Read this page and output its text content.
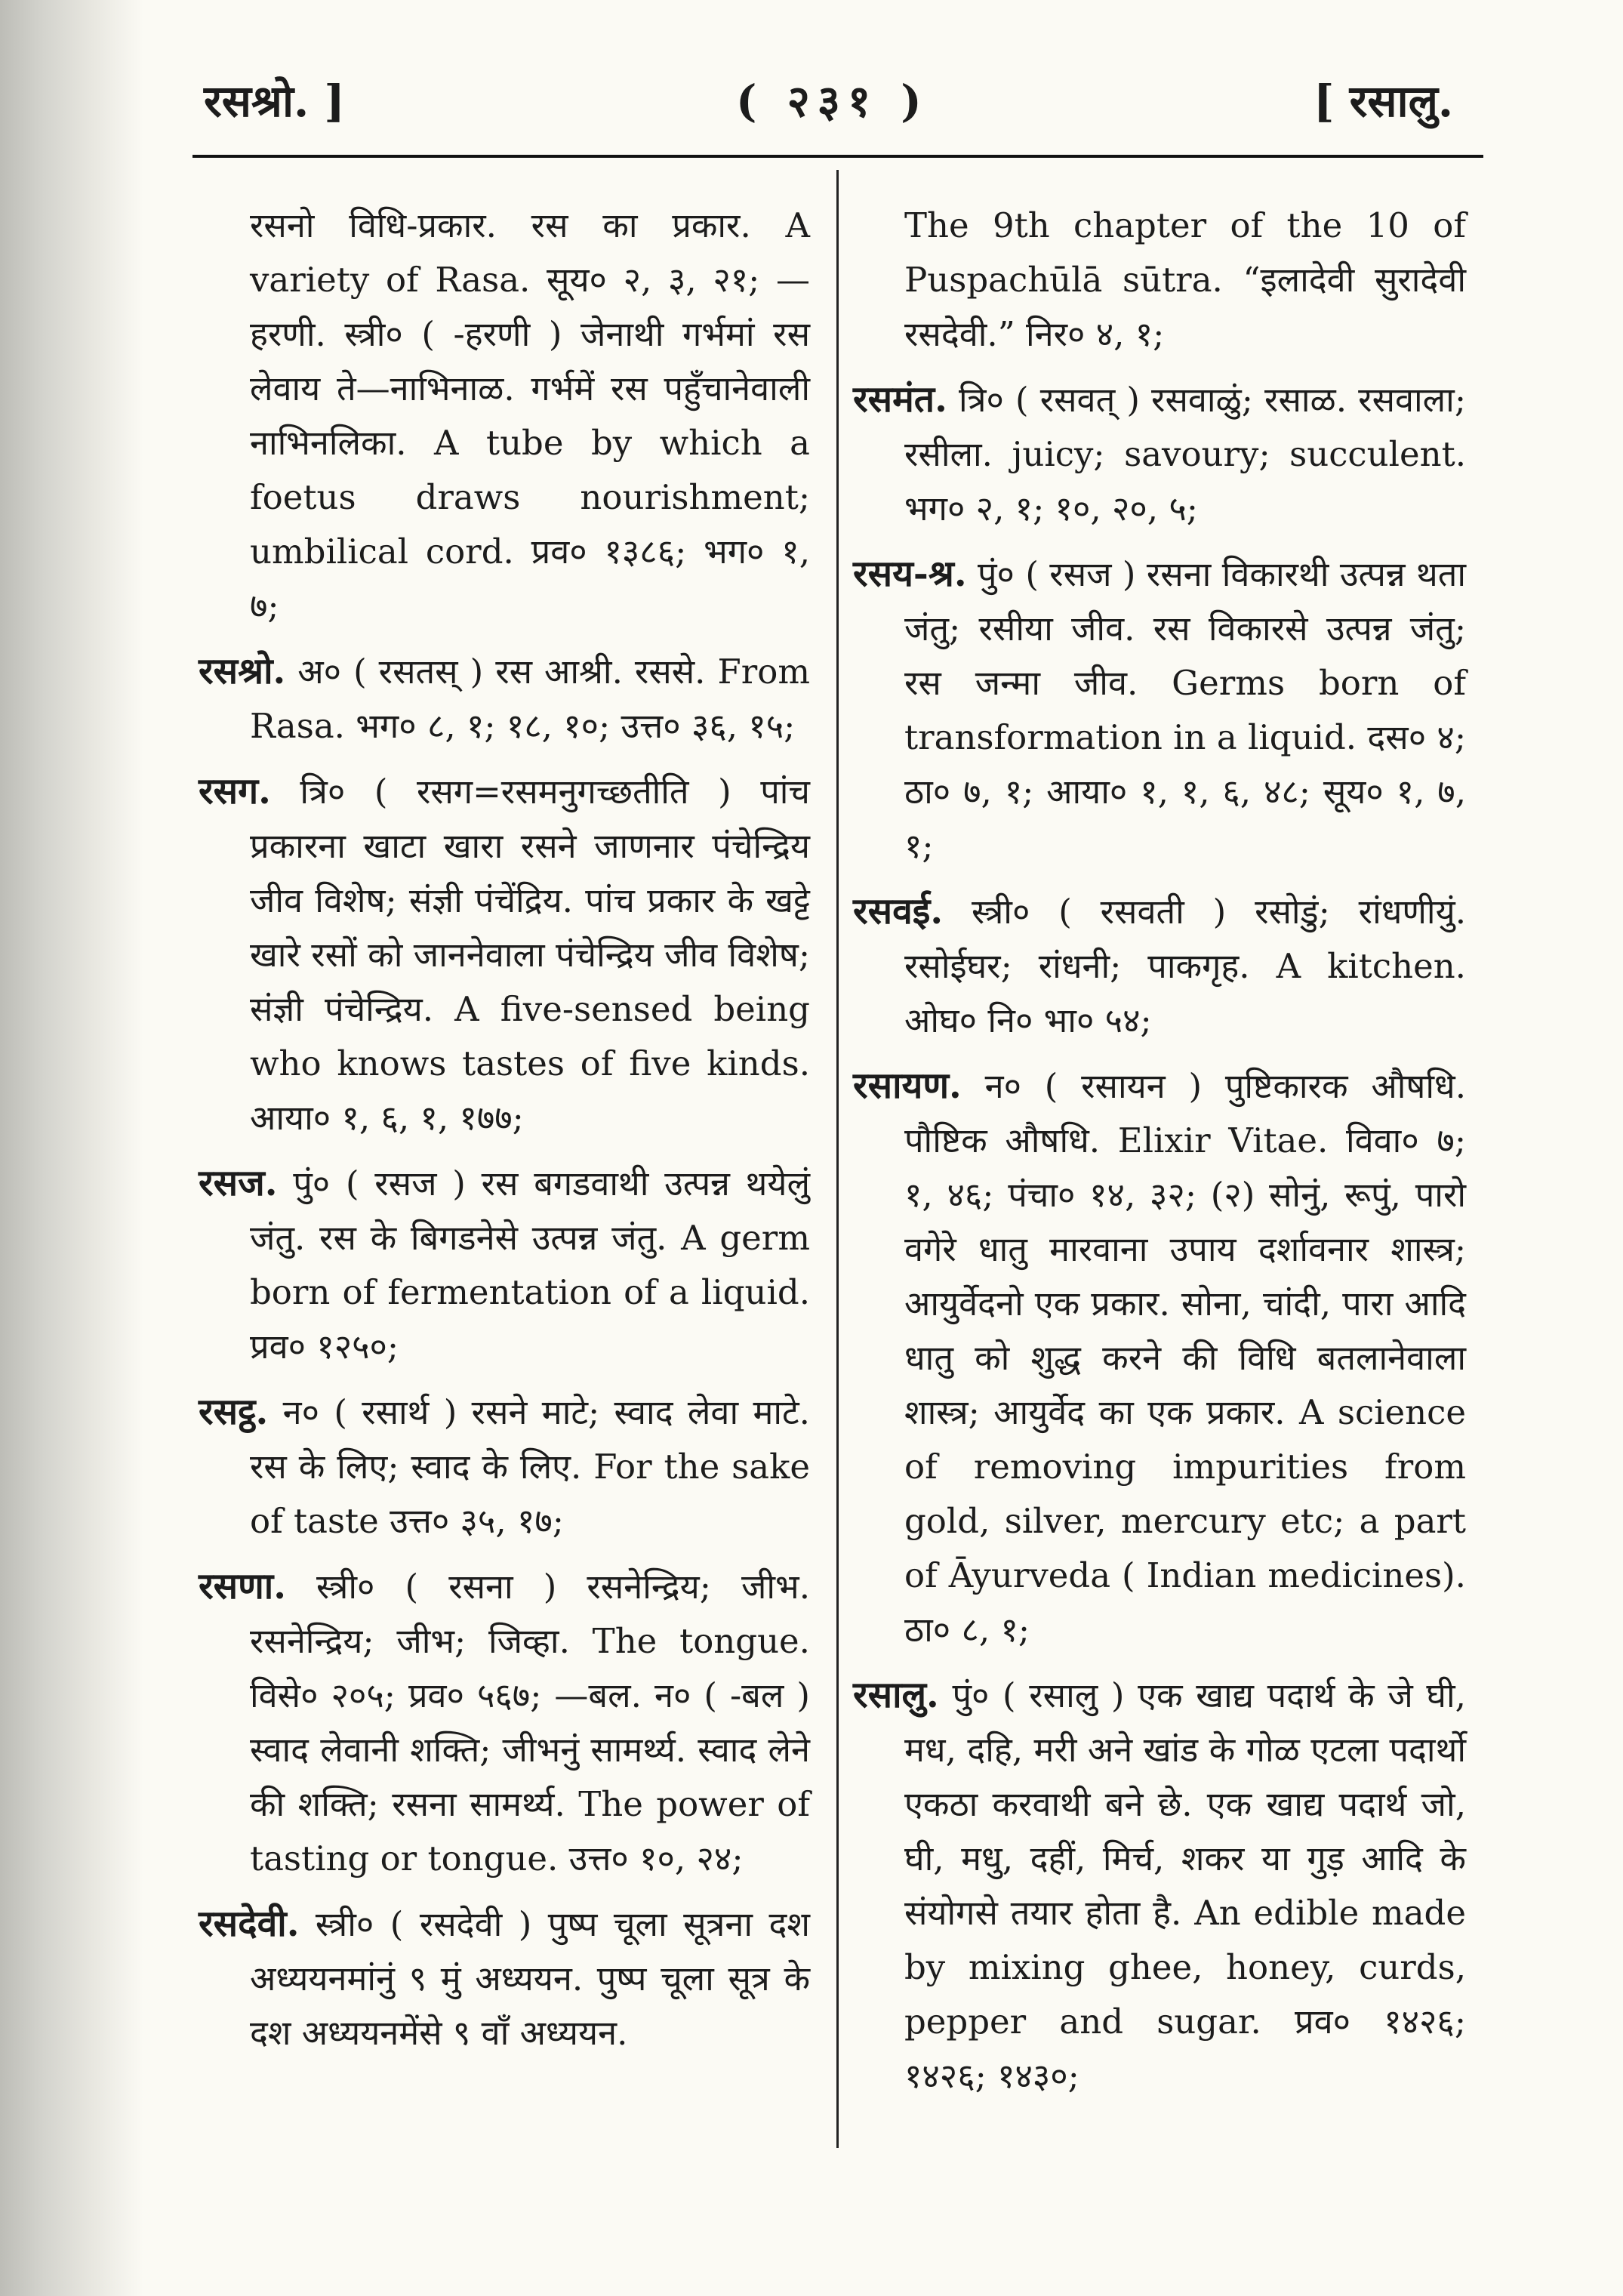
रसश्रो. ]	( २३१ )	[ रसालु.

रसनो विधि-प्रकार. रस का प्रकार. A variety of Rasa. सूय० २, ३, २१; —हरणी. स्त्री० ( -हरणी ) जेनाथी गर्भमां रस लेवाय ते—नाभिनाळ. गर्भमें रस पहुँचानेवाली नाभिनलिका. A tube by which a foetus draws nourishment; umbilical cord. प्रव० १३८६; भग० १, ७;

रसश्रो. अ० ( रसतस् ) रस आश्री. रससे. From Rasa. भग० ८, १; १८, १०; उत्त० ३६, १५;

रसग. त्रि० ( रसग=रसमनुगच्छतीति ) पांच प्रकारना खाटा खारा रसने जाणनार पंचेन्द्रिय जीव विशेष; संज्ञी पंचेंद्रिय. पांच प्रकार के खट्टे खारे रसों को जाननेवाला पंचेन्द्रिय जीव विशेष; संज्ञी पंचेन्द्रिय. A five-sensed being who knows tastes of five kinds. आया० १, ६, १, १७७;

रसज. पुं० ( रसज ) रस बगडवाथी उत्पन्न थयेलुं जंतु. रस के बिगडनेसे उत्पन्न जंतु. A germ born of fermentation of a liquid. प्रव० १२५०;

रसट्ठ. न० ( रसार्थ ) रसने माटे; स्वाद लेवा माटे. रस के लिए; स्वाद के लिए. For the sake of taste उत्त० ३५, १७;

रसणा. स्त्री० ( रसना ) रसनेन्द्रिय; जीभ. रसनेन्द्रिय; जीभ; जिव्हा. The tongue. विसे० २०५; प्रव० ५६७; —बल. न० ( -बल ) स्वाद लेवानी शक्ति; जीभनुं सामर्थ्य. स्वाद लेने की शक्ति; रसना सामर्थ्य. The power of tasting or tongue. उत्त० १०, २४;

रसदेवी. स्त्री० ( रसदेवी ) पुष्प चूला सूत्रना दश अध्ययनमांनुं ९ मुं अध्ययन. पुष्प चूला सूत्र के दश अध्ययनमेंसे ९ वाँ अध्ययन.

The 9th chapter of the 10 of Puspachūlā sūtra. “इलादेवी सुरादेवी रसदेवी.” निर० ४, १;

रसमंत. त्रि० ( रसवत् ) रसवाळुं; रसाळ. रसवाला; रसीला. juicy; savoury; succulent. भग० २, १; १०, २०, ५;

रसय-श्र. पुं० ( रसज ) रसना विकारथी उत्पन्न थता जंतु; रसीया जीव. रस विकारसे उत्पन्न जंतु; रस जन्मा जीव. Germs born of transformation in a liquid. दस० ४; ठा० ७, १; आया० १, १, ६, ४८; सूय० १, ७, १;

रसवई. स्त्री० ( रसवती ) रसोडुं; रांधणीयुं. रसोईघर; रांधनी; पाकगृह. A kitchen. ओघ० नि० भा० ५४;

रसायण. न० ( रसायन ) पुष्टिकारक औषधि. पौष्टिक औषधि. Elixir Vitae. विवा० ७; १, ४६; पंचा० १४, ३२; (२) सोनुं, रूपुं, पारो वगेरे धातु मारवाना उपाय दर्शावनार शास्त्र; आयुर्वेदनो एक प्रकार. सोना, चांदी, पारा आदि धातु को शुद्ध करने की विधि बतलानेवाला शास्त्र; आयुर्वेद का एक प्रकार. A science of removing impurities from gold, silver, mercury etc; a part of Āyurveda ( Indian medicines). ठा० ८, १;

रसालु. पुं० ( रसालु ) एक खाद्य पदार्थ के जे घी, मध, दहि, मरी अने खांड के गोळ एटला पदार्थो एकठा करवाथी बने छे. एक खाद्य पदार्थ जो, घी, मधु, दहीं, मिर्च, शकर या गुड़ आदि के संयोगसे तयार होता है. An edible made by mixing ghee, honey, curds, pepper and sugar. प्रव० १४२६; १४२६; १४३०;
